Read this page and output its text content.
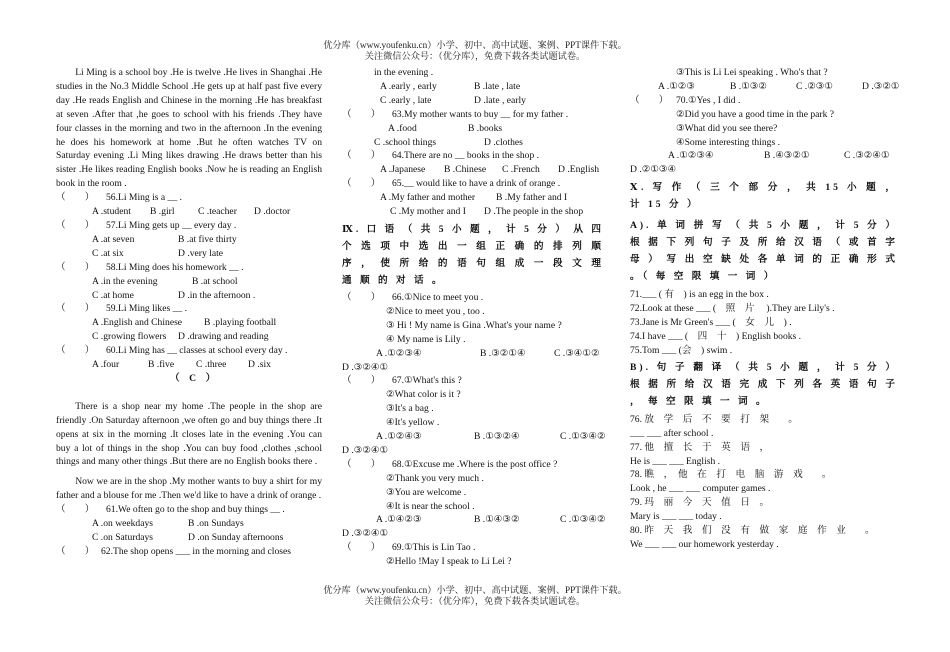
优分库（www.youfenku.cn）小学、初中、高中试题、案例、PPT课件下载。
关注微信公众号：（优分库），免费下载各类试题试卷。

Li Ming is a school boy .He is twelve .He lives in Shanghai .He studies in the No.3 Middle School .He gets up at half past five every day .He reads English and Chinese in the morning .He has breakfast at seven .After that ,he goes to school with his friends .They have four classes in the morning and two in the afternoon .In the evening he does his homework at home .But he often watches TV on Saturday evening .Li Ming likes drawing .He draws better than his sister .He likes reading English books .Now he is reading an English book in the room .

（　　）	56.Li Ming is a __ .
A .student	B .girl	C .teacher	D .doctor
（　　）	57.Li Ming gets up __ every day .
A .at seven	B .at five thirty
C .at six	D .very late
（　　）	58.Li Ming does his homework __ .
A .in the evening	B .at school
C .at home	D .in the afternoon .
（　　）	59.Li Ming likes __ .
A .English and Chinese	B .playing football
C .growing flowers	D .drawing and reading
（　　）	60.Li Ming has __ classes at school every day .
A .four	B .five	C .three	D .six
（　C　）

There is a shop near my home .The people in the shop are friendly .On Saturday afternoon ,we often go and buy things there .It opens at six in the morning .It closes late in the evening .You can buy a lot of things in the shop .You can buy food ,clothes ,school things and many other things .But there are no English books there .

Now we are in the shop .My mother wants to buy a shirt for my father and a blouse for me .Then we'd like to have a drink of orange .

（　　）	61.We often go to the shop and buy things __ .
A .on weekdays	B .on Sundays
C .on Saturdays	D .on Sunday afternoons
（　　） 62.The shop opens ___ in the morning and closes
in the evening .
A .early , early	B .late , late
C .early , late	D .late , early
（　　）	63.My mother wants to buy __ for my father .
A .food	B .books
C .school things	D .clothes
（　　）	64.There are no __ books in the shop .
A .Japanese	B .Chinese	C .French	D .English
（　　）	65.__ would like to have a drink of orange .
A .My father and mother	B .My father and I
C .My mother and I	D .The people in the shop
Ⅸ. 口 语 （ 共 5 小 题 ， 计 5 分 ） 从 四 个 选 项 中 选 出 一 组 正 确 的 排 列 顺 序 ， 使 所 给 的 语 句 组 成 一 段 文 理 通 顺 的 对 话 。
（　　）	66.①Nice to meet you .
②Nice to meet you , too .
③ Hi ! My name is Gina .What's your name ?
④ My name is Lily .
A .①②③④	B .③②①④	C .③④①②
D .③②④①
（　　）	67.①What's this ?
②What color is it ?
③It's a bag .
④It's yellow .
A .①②④③	B .①③②④	C .①③④②
D .③②④①
（　　）	68.①Excuse me .Where is the post office ?
②Thank you very much .
③You are welcome .
④It is near the school .
A .①④②③	B .①④③②	C .①③④②
D .③②④①
（　　）	69.①This is Lin Tao .
②Hello !May I speak to Li Lei ?
③This is Li Lei speaking . Who's that ?
A .①②③	B .①③②	C .②③①	D .③②①
（　　） 70.①Yes , I did .
②Did you have a good time in the park ?
③What did you see there?
④Some interesting things .
A .①②③④	B .④③②①	C .③②④①
D .②①③④
Ⅹ. 写 作 （ 三 个 部 分 ， 共 15 小 题 ， 计 15 分 ）
A). 单 词 拼 写 （ 共 5 小 题 ， 计 5 分 ） 根 据 下 列 句 子 及 所 给 汉 语 （ 或 首 字 母 ） 写 出 空 缺 处 各 单 词 的 正 确 形 式 。（ 每 空 限 填 一 词 ）
71.___ ( 有　) is an egg in the box .
72.Look at these ___ (　照　片　 ).They are Lily's .
73.Jane is Mr Green's ___ (　女　儿　) .
74.I have ___ (　四　十　) English books .
75.Tom ___ (会　) swim .
B). 句 子 翻 译 （ 共 5 小 题 ， 计 5 分 ） 根 据 所 给 汉 语 完 成 下 列 各 英 语 句 子 ， 每 空 限 填 一 词 。
76. 放　学　后　不　要　打　架　　。
___ ___ after school .
77. 他　擅　长　于　英　语　，
He is ___ ___ English .
78. 瞧　，　他　在　打　电　脑　游　戏　　。
Look , he ___ ___ computer games .
79. 玛　丽　今　天　值　日　。
Mary is ___ ___ today .
80. 昨　天　我　们　没　有　做　家　庭　作　业　　。
We ___ ___ our homework yesterday .
优分库（www.youfenku.cn）小学、初中、高中试题、案例、PPT课件下载。
关注微信公众号：（优分库），免费下载各类试题试卷。
